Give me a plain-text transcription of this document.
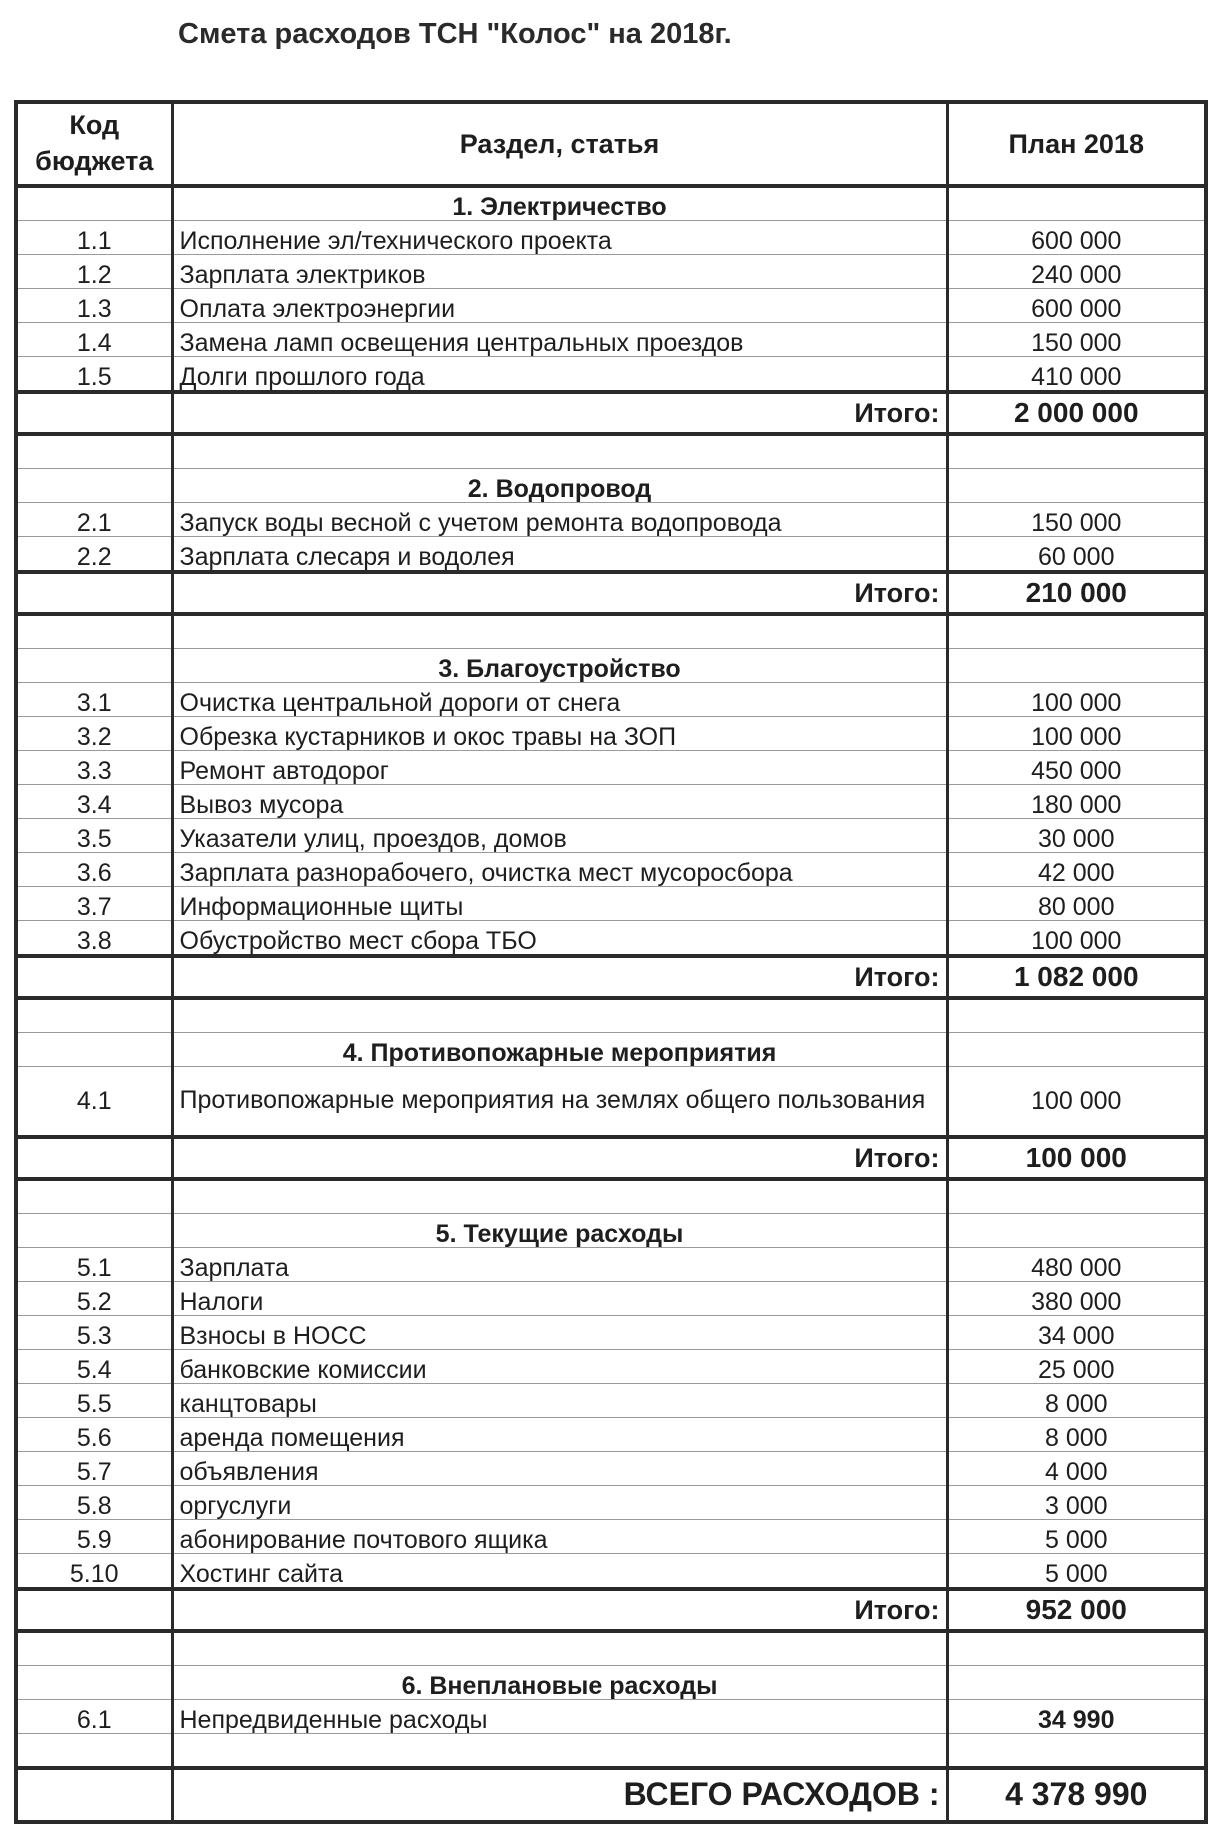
Смета расходов ТСН "Колос" на 2018г.
Код бюджета	Раздел, статья	План 2018
	1. Электричество	
1.1	Исполнение эл/технического проекта	600 000
1.2	Зарплата электриков	240 000
1.3	Оплата электроэнергии	600 000
1.4	Замена ламп освещения центральных проездов	150 000
1.5	Долги прошлого года	410 000
	Итого:	2 000 000

	2. Водопровод	
2.1	Запуск воды весной с учетом ремонта водопровода	150 000
2.2	Зарплата слесаря и водолея	60 000
	Итого:	210 000

	3. Благоустройство	
3.1	Очистка центральной дороги от снега	100 000
3.2	Обрезка кустарников и окос травы на ЗОП	100 000
3.3	Ремонт автодорог	450 000
3.4	Вывоз мусора	180 000
3.5	Указатели улиц, проездов, домов	30 000
3.6	Зарплата разнорабочего, очистка мест мусоросбора	42 000
3.7	Информационные щиты	80 000
3.8	Обустройство мест сбора ТБО	100 000
	Итого:	1 082 000

	4. Противопожарные мероприятия	
4.1	Противопожарные мероприятия на землях общего пользования	100 000
	Итого:	100 000

	5. Текущие расходы	
5.1	Зарплата	480 000
5.2	Налоги	380 000
5.3	Взносы в НОСС	34 000
5.4	банковские комиссии	25 000
5.5	канцтовары	8 000
5.6	аренда помещения	8 000
5.7	объявления	4 000
5.8	оргуслуги	3 000
5.9	абонирование почтового ящика	5 000
5.10	Хостинг сайта	5 000
	Итого:	952 000

	6. Внеплановые расходы	
6.1	Непредвиденные расходы	34 990

	ВСЕГО РАСХОДОВ :	4 378 990
